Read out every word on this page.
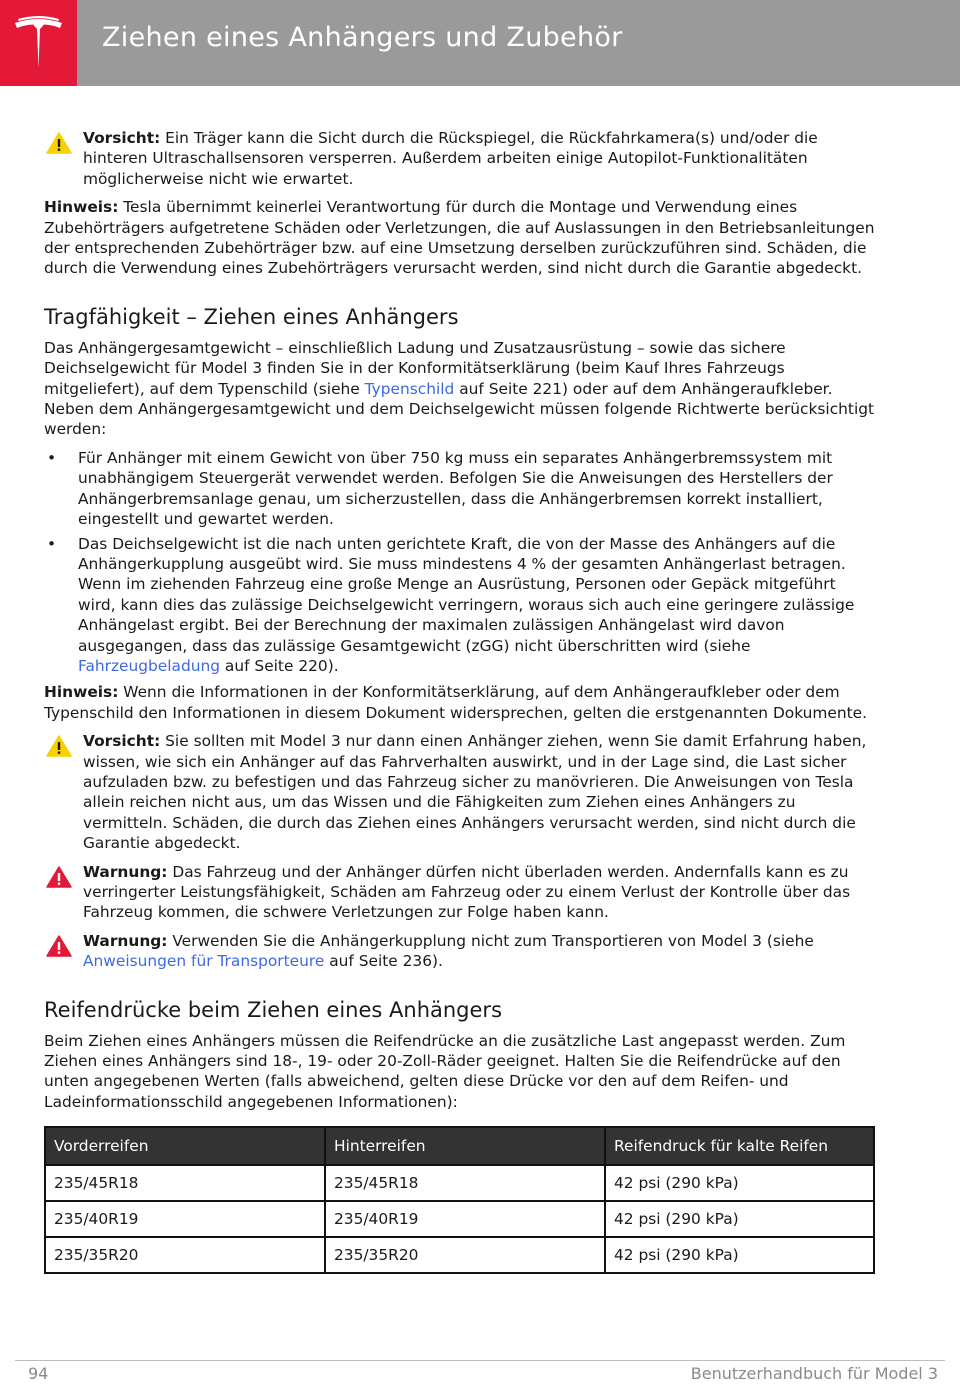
Ziehen eines Anhängers und Zubehör
Vorsicht: Ein Träger kann die Sicht durch die Rückspiegel, die Rückfahrkamera(s) und/oder die hinteren Ultraschallsensoren versperren. Außerdem arbeiten einige Autopilot-Funktionalitäten möglicherweise nicht wie erwartet.

Hinweis: Tesla übernimmt keinerlei Verantwortung für durch die Montage und Verwendung eines Zubehörträgers aufgetretene Schäden oder Verletzungen, die auf Auslassungen in den Betriebsanleitungen der entsprechenden Zubehörträger bzw. auf eine Umsetzung derselben zurückzuführen sind. Schäden, die durch die Verwendung eines Zubehörträgers verursacht werden, sind nicht durch die Garantie abgedeckt.

Tragfähigkeit – Ziehen eines Anhängers

Das Anhängergesamtgewicht – einschließlich Ladung und Zusatzausrüstung – sowie das sichere Deichselgewicht für Model 3 finden Sie in der Konformitätserklärung (beim Kauf Ihres Fahrzeugs mitgeliefert), auf dem Typenschild (siehe Typenschild auf Seite 221) oder auf dem Anhängeraufkleber. Neben dem Anhängergesamtgewicht und dem Deichselgewicht müssen folgende Richtwerte berücksichtigt werden:

• Für Anhänger mit einem Gewicht von über 750 kg muss ein separates Anhängerbremssystem mit unabhängigem Steuergerät verwendet werden. Befolgen Sie die Anweisungen des Herstellers der Anhängerbremsanlage genau, um sicherzustellen, dass die Anhängerbremsen korrekt installiert, eingestellt und gewartet werden.
• Das Deichselgewicht ist die nach unten gerichtete Kraft, die von der Masse des Anhängers auf die Anhängerkupplung ausgeübt wird. Sie muss mindestens 4 % der gesamten Anhängerlast betragen. Wenn im ziehenden Fahrzeug eine große Menge an Ausrüstung, Personen oder Gepäck mitgeführt wird, kann dies das zulässige Deichselgewicht verringern, woraus sich auch eine geringere zulässige Anhängelast ergibt. Bei der Berechnung der maximalen zulässigen Anhängelast wird davon ausgegangen, dass das zulässige Gesamtgewicht (zGG) nicht überschritten wird (siehe Fahrzeugbeladung auf Seite 220).

Hinweis: Wenn die Informationen in der Konformitätserklärung, auf dem Anhängeraufkleber oder dem Typenschild den Informationen in diesem Dokument widersprechen, gelten die erstgenannten Dokumente.

Vorsicht: Sie sollten mit Model 3 nur dann einen Anhänger ziehen, wenn Sie damit Erfahrung haben, wissen, wie sich ein Anhänger auf das Fahrverhalten auswirkt, und in der Lage sind, die Last sicher aufzuladen bzw. zu befestigen und das Fahrzeug sicher zu manövrieren. Die Anweisungen von Tesla allein reichen nicht aus, um das Wissen und die Fähigkeiten zum Ziehen eines Anhängers zu vermitteln. Schäden, die durch das Ziehen eines Anhängers verursacht werden, sind nicht durch die Garantie abgedeckt.
Warnung: Das Fahrzeug und der Anhänger dürfen nicht überladen werden. Andernfalls kann es zu verringerter Leistungsfähigkeit, Schäden am Fahrzeug oder zu einem Verlust der Kontrolle über das Fahrzeug kommen, die schwere Verletzungen zur Folge haben kann.
Warnung: Verwenden Sie die Anhängerkupplung nicht zum Transportieren von Model 3 (siehe Anweisungen für Transporteure auf Seite 236).
Reifendrücke beim Ziehen eines Anhängers

Beim Ziehen eines Anhängers müssen die Reifendrücke an die zusätzliche Last angepasst werden. Zum Ziehen eines Anhängers sind 18-, 19- oder 20-Zoll-Räder geeignet. Halten Sie die Reifendrücke auf den unten angegebenen Werten (falls abweichend, gelten diese Drücke vor den auf dem Reifen- und Ladeinformationsschild angegebenen Informationen):

Vorderreifen	Hinterreifen	Reifendruck für kalte Reifen
235/45R18	235/45R18	42 psi (290 kPa)
235/40R19	235/40R19	42 psi (290 kPa)
235/35R20	235/35R20	42 psi (290 kPa)
94	Benutzerhandbuch für Model 3
